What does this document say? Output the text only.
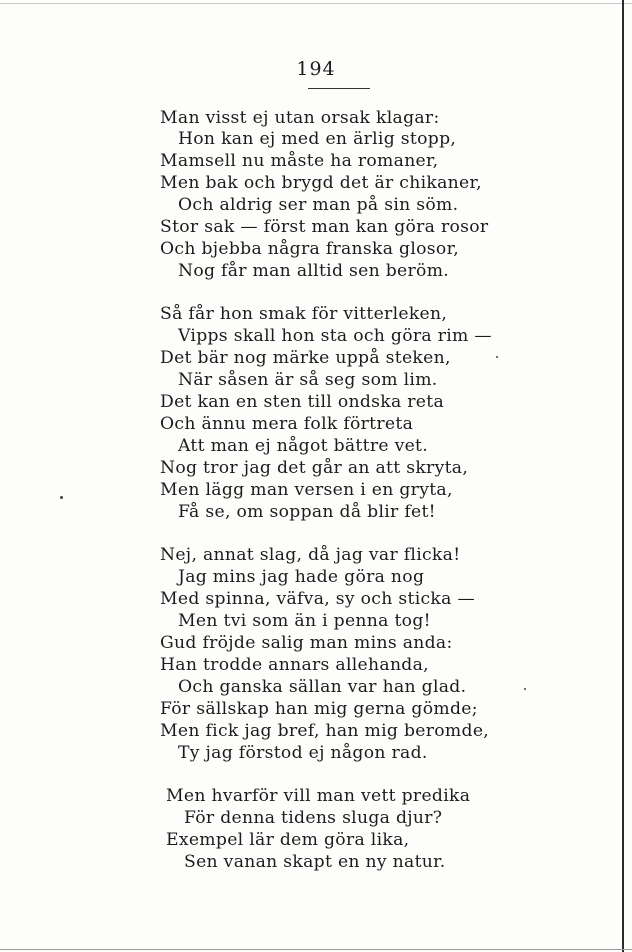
194
Man visst ej utan orsak klagar:
Hon kan ej med en ärlig stopp,
Mamsell nu måste ha romaner,
Men bak och brygd det är chikaner,
Och aldrig ser man på sin söm.
Stor sak — först man kan göra rosor
Och bjebba några franska glosor,
Nog får man alltid sen beröm.
Så får hon smak för vitterleken,
Vipps skall hon sta och göra rim —
Det bär nog märke uppå steken,
När såsen är så seg som lim.
Det kan en sten till ondska reta
Och ännu mera folk förtreta
Att man ej något bättre vet.
Nog tror jag det går an att skryta,
Men lägg man versen i en gryta,
Få se, om soppan då blir fet!
Nej, annat slag, då jag var flicka!
Jag mins jag hade göra nog
Med spinna, väfva, sy och sticka —
Men tvi som än i penna tog!
Gud fröjde salig man mins anda:
Han trodde annars allehanda,
Och ganska sällan var han glad.
För sällskap han mig gerna gömde;
Men fick jag bref, han mig beromde,
Ty jag förstod ej någon rad.
Men hvarför vill man vett predika
För denna tidens sluga djur?
Exempel lär dem göra lika,
Sen vanan skapt en ny natur.
